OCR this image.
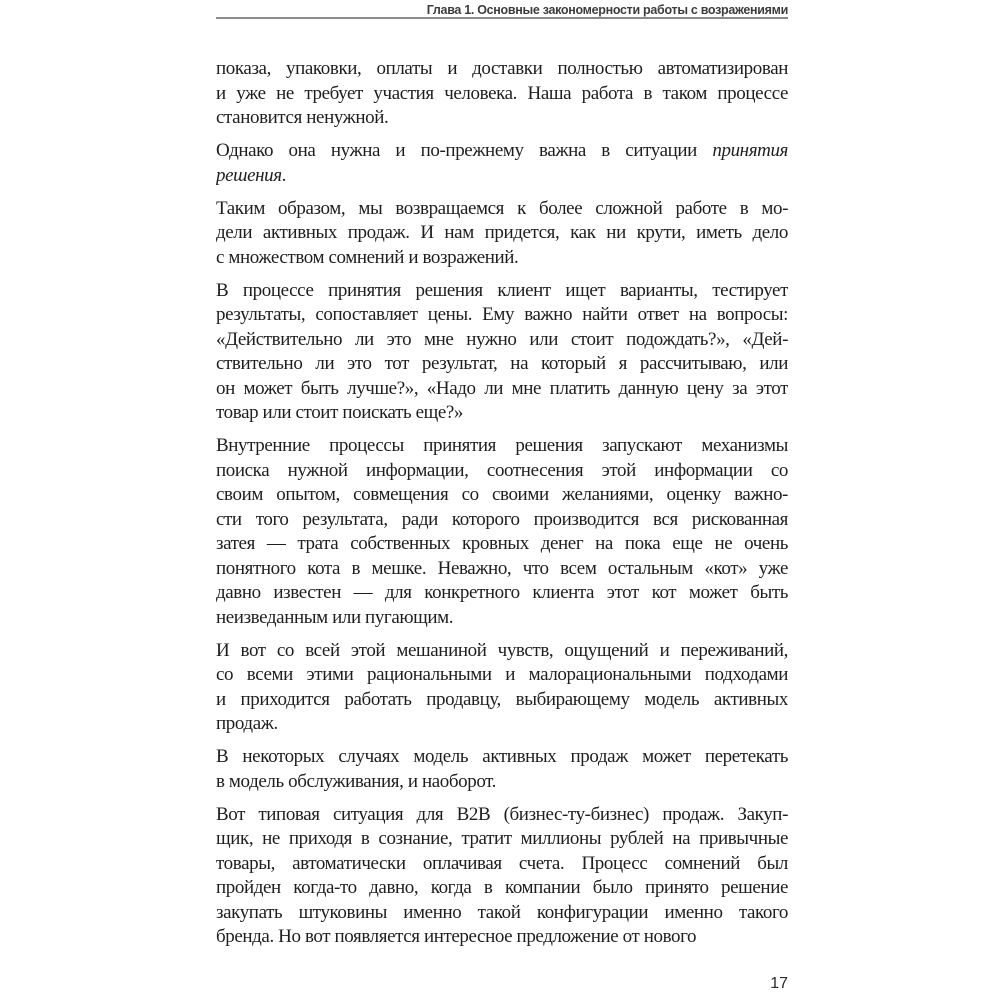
Глава 1. Основные закономерности работы с возражениями
показа, упаковки, оплаты и доставки полностью автоматизирован
и уже не требует участия человека. Наша работа в таком процессе
становится ненужной.
Однако она нужна и по-прежнему важна в ситуации принятия
решения.
Таким образом, мы возвращаемся к более сложной работе в мо-
дели активных продаж. И нам придется, как ни крути, иметь дело
с множеством сомнений и возражений.
В процессе принятия решения клиент ищет варианты, тестирует
результаты, сопоставляет цены. Ему важно найти ответ на вопросы:
«Действительно ли это мне нужно или стоит подождать?», «Дей-
ствительно ли это тот результат, на который я рассчитываю, или
он может быть лучше?», «Надо ли мне платить данную цену за этот
товар или стоит поискать еще?»
Внутренние процессы принятия решения запускают механизмы
поиска нужной информации, соотнесения этой информации со
своим опытом, совмещения со своими желаниями, оценку важно-
сти того результата, ради которого производится вся рискованная
затея — трата собственных кровных денег на пока еще не очень
понятного кота в мешке. Неважно, что всем остальным «кот» уже
давно известен — для конкретного клиента этот кот может быть
неизведанным или пугающим.
И вот со всей этой мешаниной чувств, ощущений и переживаний,
со всеми этими рациональными и малорациональными подходами
и приходится работать продавцу, выбирающему модель активных
продаж.
В некоторых случаях модель активных продаж может перетекать
в модель обслуживания, и наоборот.
Вот типовая ситуация для B2B (бизнес-ту-бизнес) продаж. Закуп-
щик, не приходя в сознание, тратит миллионы рублей на привычные
товары, автоматически оплачивая счета. Процесс сомнений был
пройден когда-то давно, когда в компании было принято решение
закупать штуковины именно такой конфигурации именно такого
бренда. Но вот появляется интересное предложение от нового
17
